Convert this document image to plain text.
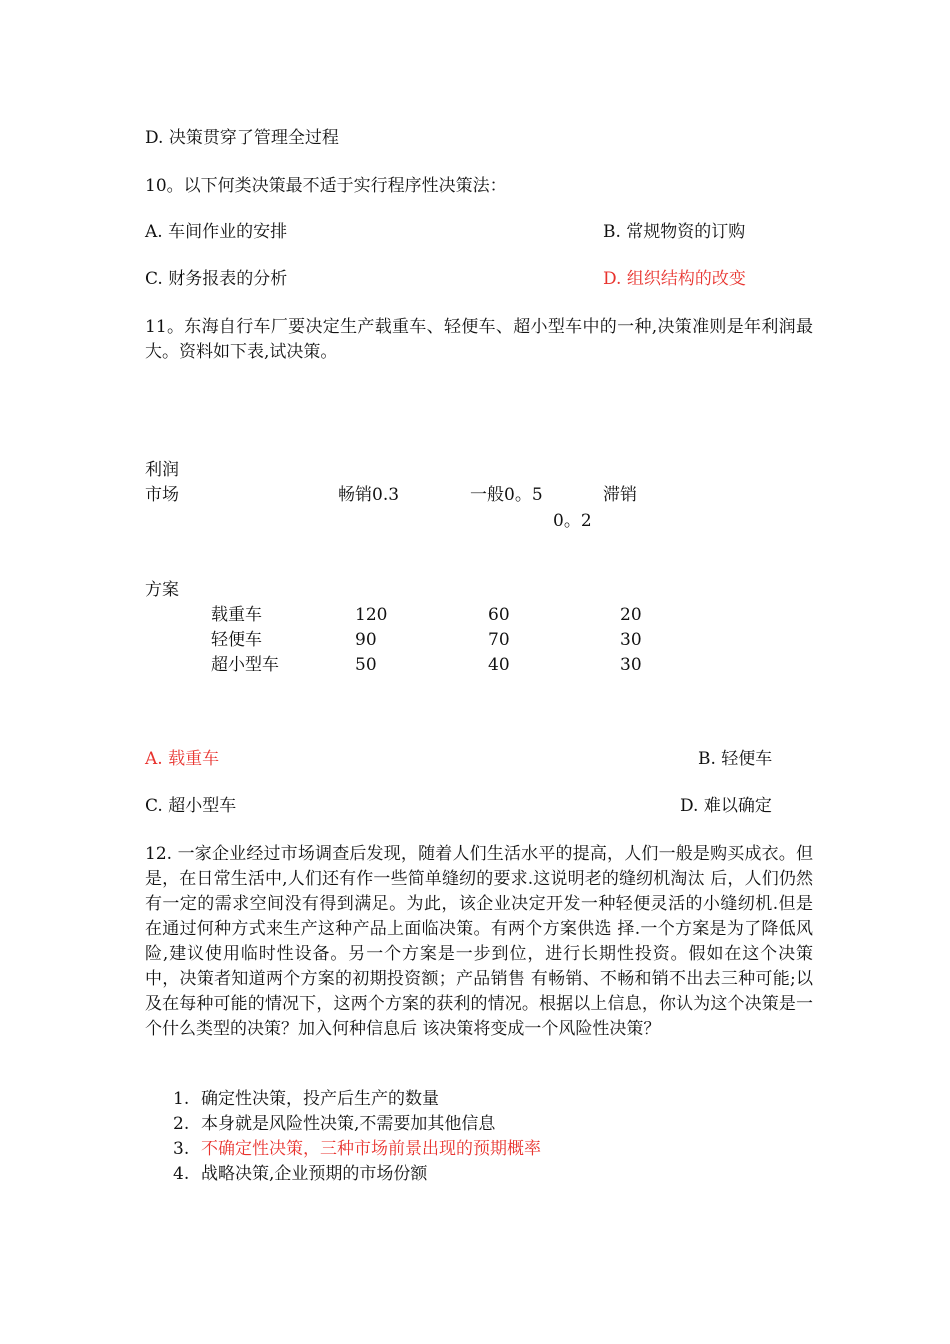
D. 决策贯穿了管理全过程
10。以下何类决策最不适于实行程序性决策法：
A. 车间作业的安排	B. 常规物资的订购
C. 财务报表的分析	D. 组织结构的改变
11。东海自行车厂要决定生产载重车、轻便车、超小型车中的一种,决策准则是年利润最大。资料如下表,试决策。
利润
市场	畅销0.3	一般0。5	滞销
0。2
方案
载重车	120	60	20
轻便车	90	70	30
超小型车	50	40	30
A. 载重车	B. 轻便车
C. 超小型车	D. 难以确定
12. 一家企业经过市场调查后发现，随着人们生活水平的提高，人们一般是购买成衣。但是，在日常生活中,人们还有作一些简单缝纫的要求.这说明老的缝纫机淘汰 后，人们仍然有一定的需求空间没有得到满足。为此，该企业决定开发一种轻便灵活的小缝纫机.但是在通过何种方式来生产这种产品上面临决策。有两个方案供选 择.一个方案是为了降低风险,建议使用临时性设备。另一个方案是一步到位，进行长期性投资。假如在这个决策中，决策者知道两个方案的初期投资额；产品销售 有畅销、不畅和销不出去三种可能;以及在每种可能的情况下，这两个方案的获利的情况。根据以上信息，你认为这个决策是一个什么类型的决策？加入何种信息后 该决策将变成一个风险性决策？
1. 确定性决策，投产后生产的数量
2. 本身就是风险性决策,不需要加其他信息
3. 不确定性决策，三种市场前景出现的预期概率
4. 战略决策,企业预期的市场份额
